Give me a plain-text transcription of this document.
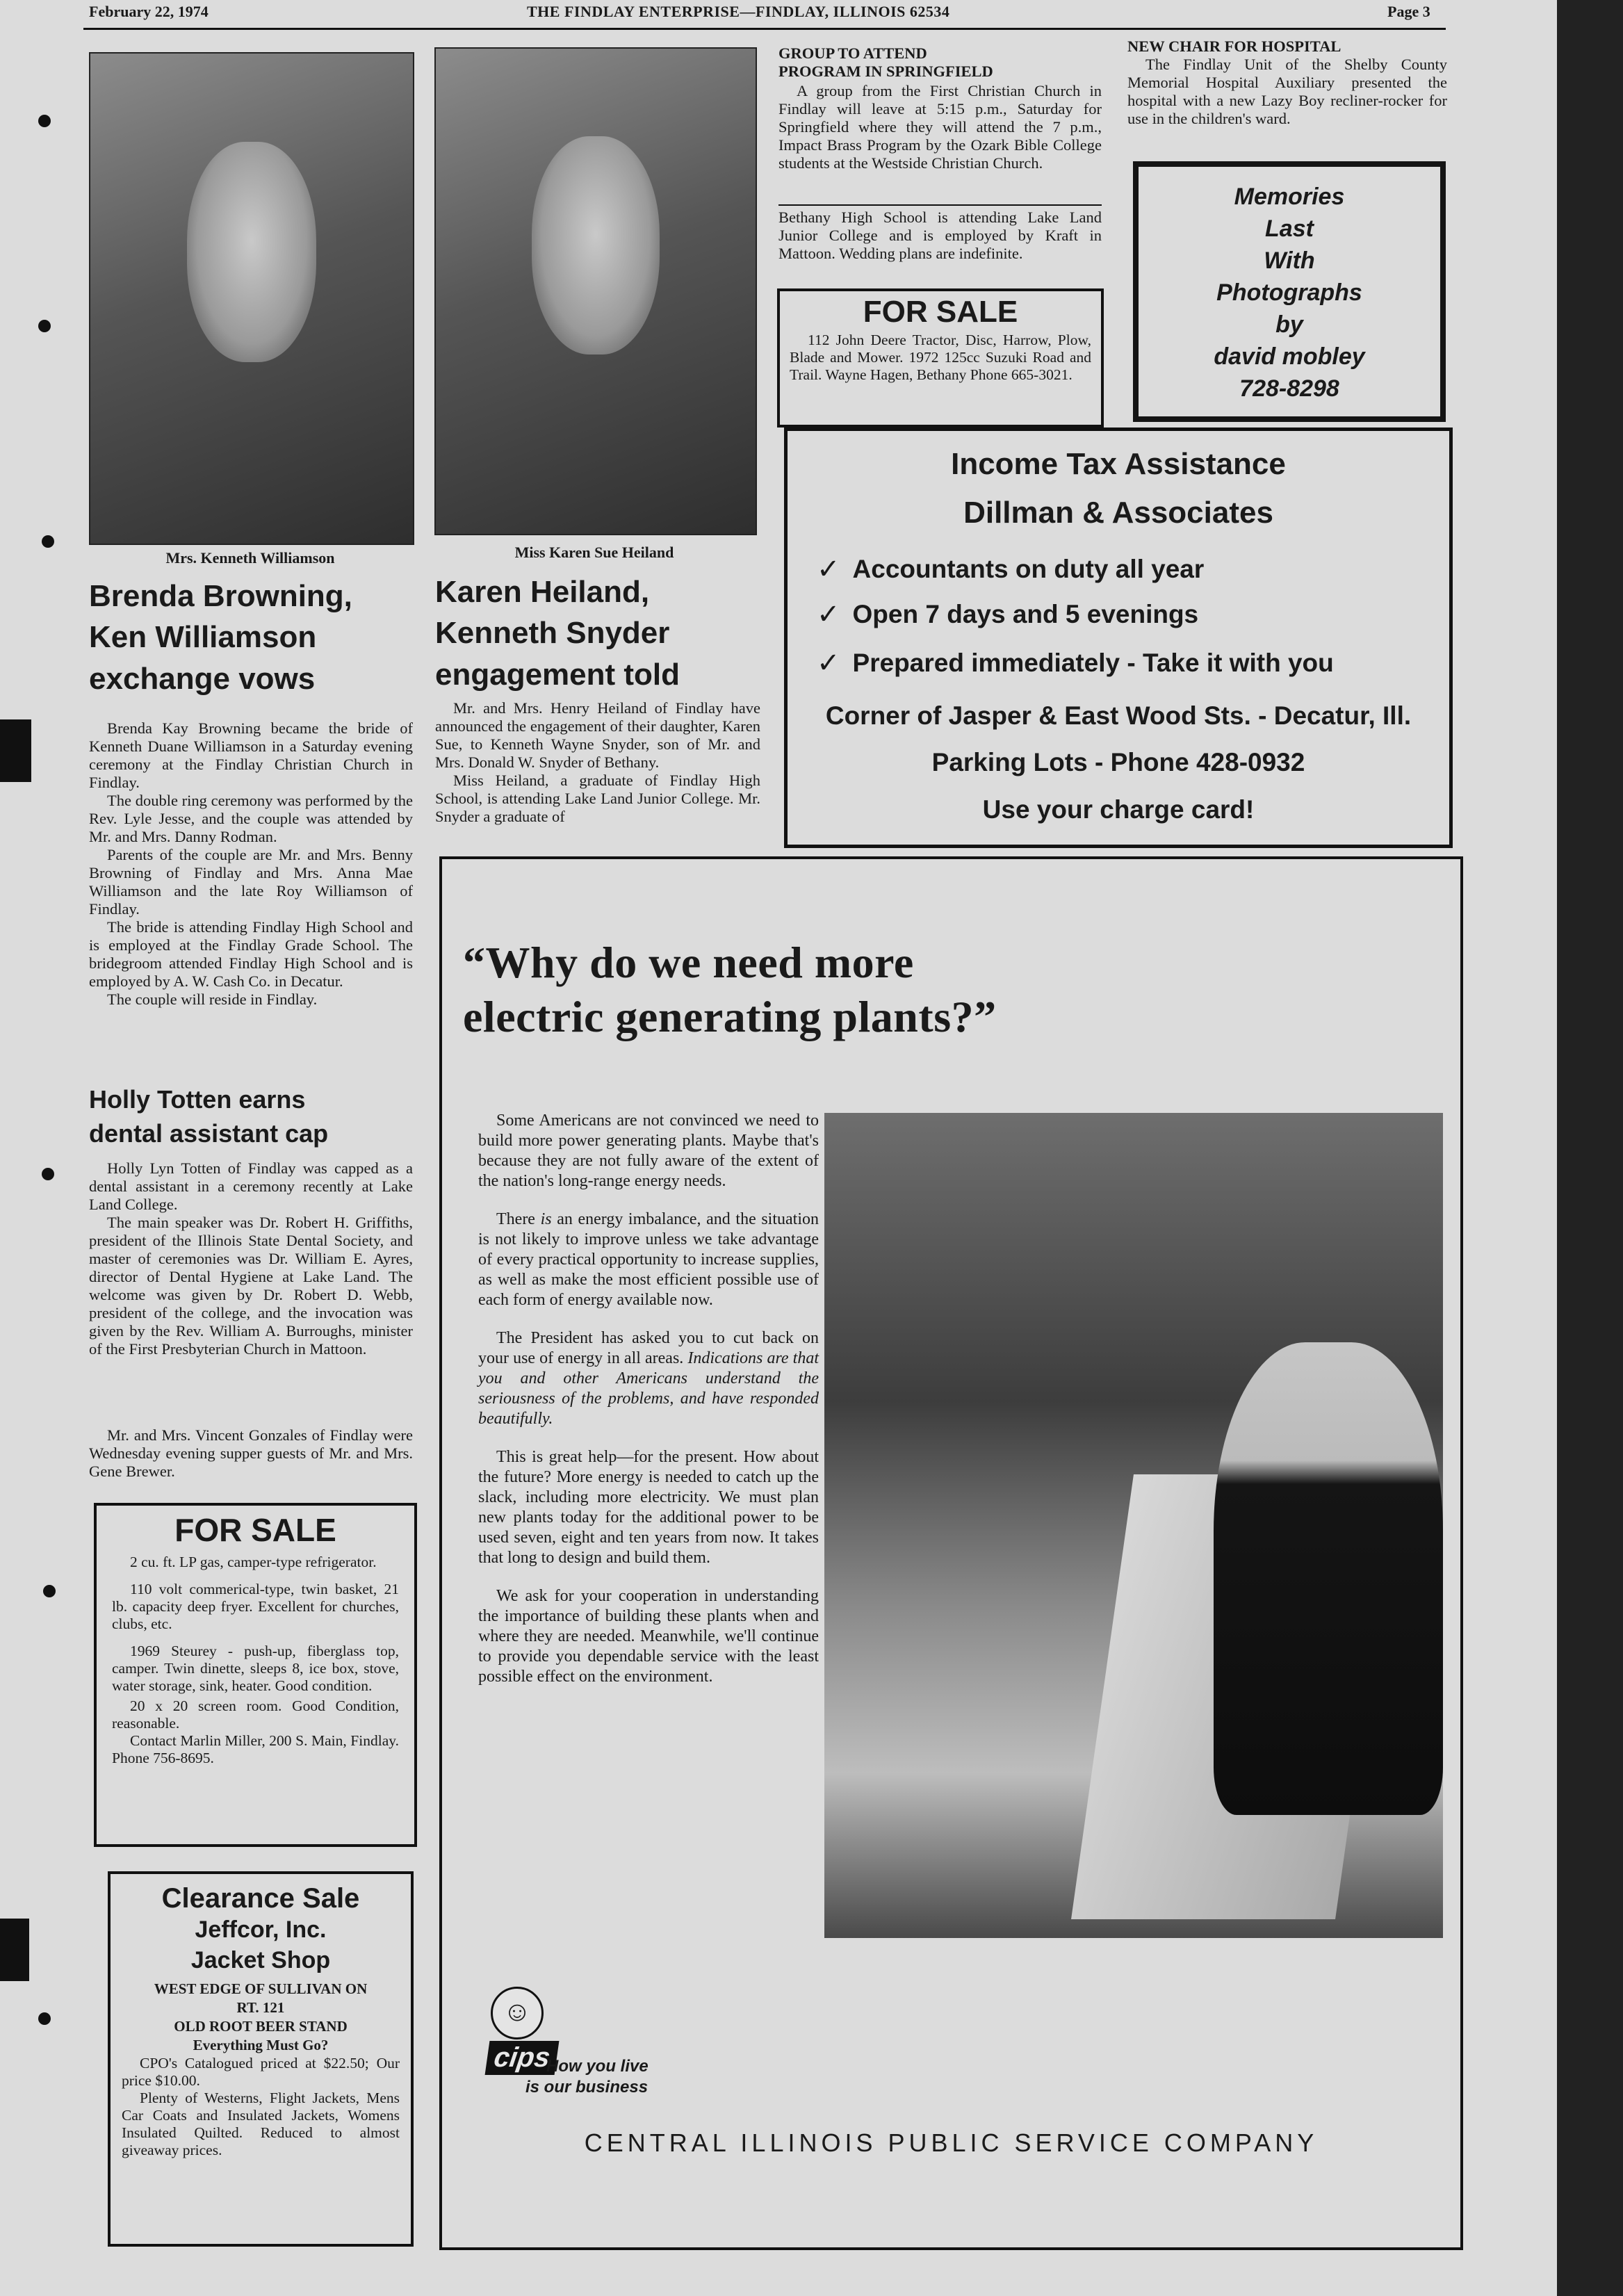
February 22, 1974	THE FINDLAY ENTERPRISE—FINDLAY, ILLINOIS 62534	Page 3
Mrs. Kenneth Williamson
Brenda Browning,
Ken Williamson
exchange vows

Brenda Kay Browning became the bride of Kenneth Duane Williamson in a Saturday evening ceremony at the Findlay Christian Church in Findlay.

The double ring ceremony was performed by the Rev. Lyle Jesse, and the couple was attended by Mr. and Mrs. Danny Rodman.

Parents of the couple are Mr. and Mrs. Benny Browning of Findlay and Mrs. Anna Mae Williamson and the late Roy Williamson of Findlay.

The bride is attending Findlay High School and is employed at the Findlay Grade School. The bridegroom attended Findlay High School and is employed by A. W. Cash Co. in Decatur.

The couple will reside in Findlay.

Miss Karen Sue Heiland
Karen Heiland,
Kenneth Snyder
engagement told

Mr. and Mrs. Henry Heiland of Findlay have announced the engagement of their daughter, Karen Sue, to Kenneth Wayne Snyder, son of Mr. and Mrs. Donald W. Snyder of Bethany.

Miss Heiland, a graduate of Findlay High School, is attending Lake Land Junior College. Mr. Snyder a graduate of

GROUP TO ATTEND
PROGRAM IN SPRINGFIELD

A group from the First Christian Church in Findlay will leave at 5:15 p.m., Saturday for Springfield where they will attend the 7 p.m., Impact Brass Program by the Ozark Bible College students at the Westside Christian Church.

Bethany High School is attending Lake Land Junior College and is employed by Kraft in Mattoon. Wedding plans are indefinite.

FOR SALE

112 John Deere Tractor, Disc, Harrow, Plow, Blade and Mower. 1972 125cc Suzuki Road and Trail. Wayne Hagen, Bethany Phone 665-3021.

NEW CHAIR FOR HOSPITAL

The Findlay Unit of the Shelby County Memorial Hospital Auxiliary presented the hospital with a new Lazy Boy recliner-rocker for use in the children's ward.

Memories
Last
With
Photographs
by
david mobley
728-8298
Income Tax Assistance
Dillman & Associates
✓ Accountants on duty all year
✓ Open 7 days and 5 evenings
✓ Prepared immediately - Take it with you
Corner of Jasper & East Wood Sts. - Decatur, Ill.
Parking Lots - Phone 428-0932
Use your charge card!
Holly Totten earns
dental assistant cap

Holly Lyn Totten of Findlay was capped as a dental assistant in a ceremony recently at Lake Land College.

The main speaker was Dr. Robert H. Griffiths, president of the Illinois State Dental Society, and master of ceremonies was Dr. William E. Ayres, director of Dental Hygiene at Lake Land. The welcome was given by Dr. Robert D. Webb, president of the college, and the invocation was given by the Rev. William A. Burroughs, minister of the First Presbyterian Church in Mattoon.

Mr. and Mrs. Vincent Gonzales of Findlay were Wednesday evening supper guests of Mr. and Mrs. Gene Brewer.

FOR SALE

2 cu. ft. LP gas, camper-type refrigerator.

110 volt commerical-type, twin basket, 21 lb. capacity deep fryer. Excellent for churches, clubs, etc.

1969 Steurey - push-up, fiberglass top, camper. Twin dinette, sleeps 8, ice box, stove, water storage, sink, heater. Good condition.

20 x 20 screen room. Good Condition, reasonable.

Contact Marlin Miller, 200 S. Main, Findlay. Phone 756-8695.

Clearance Sale
Jeffcor, Inc.
Jacket Shop
WEST EDGE OF SULLIVAN ON
RT. 121
OLD ROOT BEER STAND
Everything Must Go?

CPO's Catalogued priced at $22.50; Our price $10.00.

Plenty of Westerns, Flight Jackets, Mens Car Coats and Insulated Jackets, Womens Insulated Quilted. Reduced to almost giveaway prices.

“Why do we need more
electric generating plants?”

Some Americans are not convinced we need to build more power generating plants. Maybe that's because they are not fully aware of the extent of the nation's long-range energy needs.

There is an energy imbalance, and the situation is not likely to improve unless we take advantage of every practical opportunity to increase supplies, as well as make the most efficient possible use of each form of energy available now.

The President has asked you to cut back on your use of energy in all areas. Indications are that you and other Americans understand the seriousness of the problems, and have responded beautifully.

This is great help—for the present. How about the future? More energy is needed to catch up the slack, including more electricity. We must plan new plants today for the additional power to be used seven, eight and ten years from now. It takes that long to design and build them.

We ask for your cooperation in understanding the importance of building these plants when and where they are needed. Meanwhile, we'll continue to provide you dependable service with the least possible effect on the environment.

☺
cips
How you live
is our business
CENTRAL ILLINOIS PUBLIC SERVICE COMPANY
